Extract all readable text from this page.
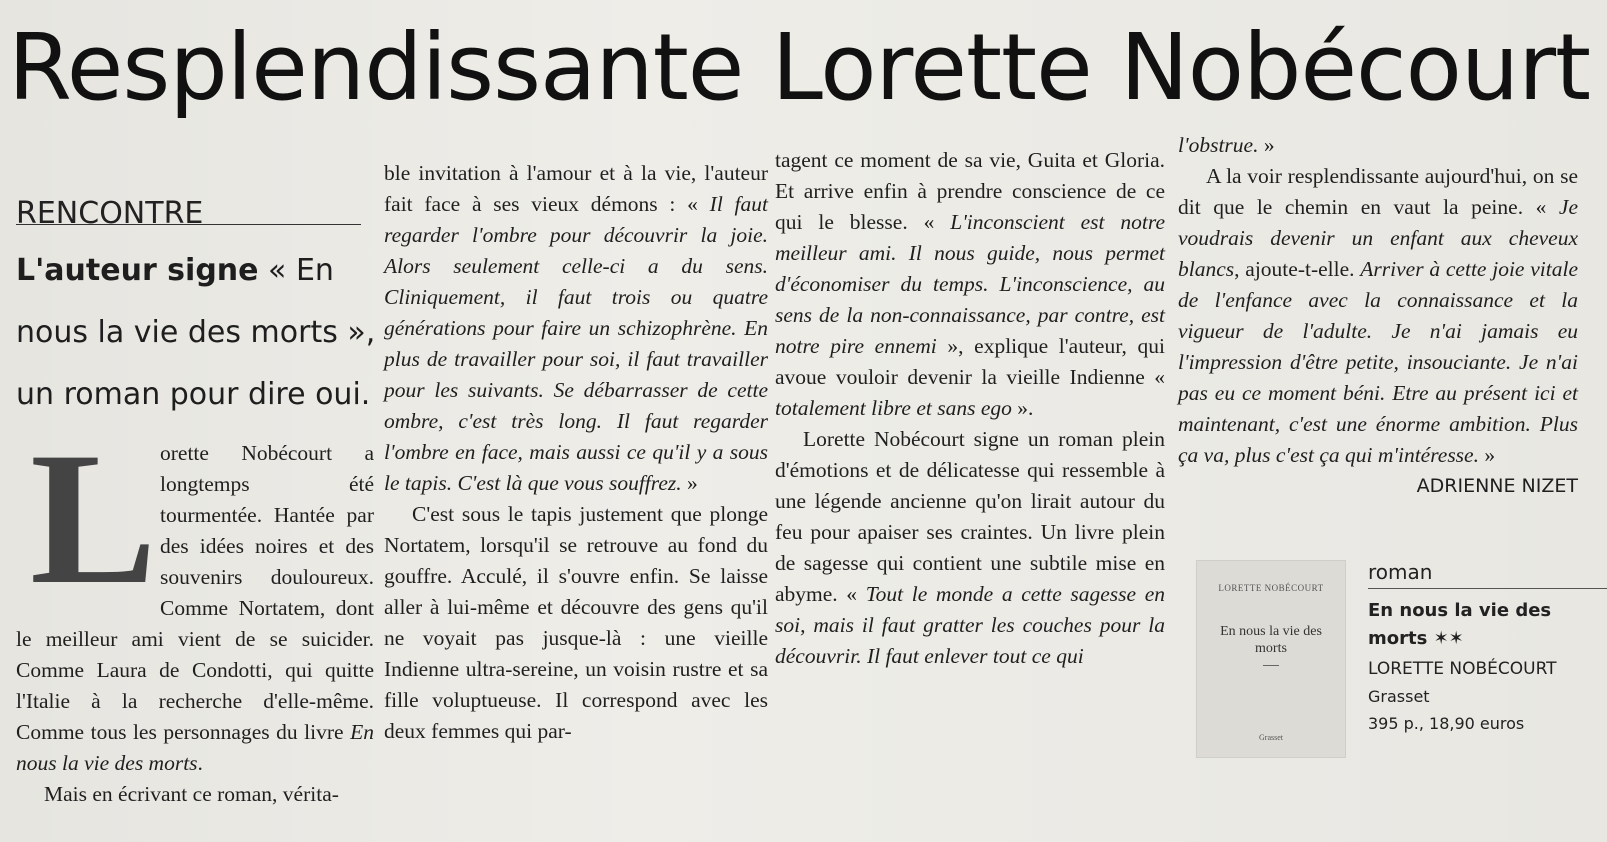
Resplendissante Lorette Nobécourt
RENCONTRE
L'auteur signe « En nous la vie des morts », un roman pour dire oui.

Lorette Nobécourt a longtemps été tourmentée. Hantée par des idées noires et des souvenirs douloureux. Comme Nortatem, dont le meilleur ami vient de se suicider. Comme Laura de Condotti, qui quitte l'Italie à la recherche d'elle-même. Comme tous les personnages du livre En nous la vie des morts.

Mais en écrivant ce roman, vérita-

ble invitation à l'amour et à la vie, l'auteur fait face à ses vieux démons : « Il faut regarder l'ombre pour découvrir la joie. Alors seulement celle-ci a du sens. Cliniquement, il faut trois ou quatre générations pour faire un schizophrène. En plus de travailler pour soi, il faut travailler pour les suivants. Se débarrasser de cette ombre, c'est très long. Il faut regarder l'ombre en face, mais aussi ce qu'il y a sous le tapis. C'est là que vous souffrez. »

C'est sous le tapis justement que plonge Nortatem, lorsqu'il se retrouve au fond du gouffre. Acculé, il s'ouvre enfin. Se laisse aller à lui-même et découvre des gens qu'il ne voyait pas jusque-là : une vieille Indienne ultra-sereine, un voisin rustre et sa fille voluptueuse. Il correspond avec les deux femmes qui par-

tagent ce moment de sa vie, Guita et Gloria. Et arrive enfin à prendre conscience de ce qui le blesse. « L'inconscient est notre meilleur ami. Il nous guide, nous permet d'économiser du temps. L'inconscience, au sens de la non-connaissance, par contre, est notre pire ennemi », explique l'auteur, qui avoue vouloir devenir la vieille Indienne « totalement libre et sans ego ».

Lorette Nobécourt signe un roman plein d'émotions et de délicatesse qui ressemble à une légende ancienne qu'on lirait autour du feu pour apaiser ses craintes. Un livre plein de sagesse qui contient une subtile mise en abyme. « Tout le monde a cette sagesse en soi, mais il faut gratter les couches pour la découvrir. Il faut enlever tout ce qui

l'obstrue. »

A la voir resplendissante aujourd'hui, on se dit que le chemin en vaut la peine. « Je voudrais devenir un enfant aux cheveux blancs, ajoute-t-elle. Arriver à cette joie vitale de l'enfance avec la connaissance et la vigueur de l'adulte. Je n'ai jamais eu l'impression d'être petite, insouciante. Je n'ai pas eu ce moment béni. Etre au présent ici et maintenant, c'est une énorme ambition. Plus ça va, plus c'est ça qui m'intéresse. »
ADRIENNE NIZET

LORETTE NOBÉCOURT
En nous la vie des morts
Grasset
roman
En nous la vie des morts ✶✶
LORETTE NOBÉCOURT
Grasset
395 p., 18,90 euros
